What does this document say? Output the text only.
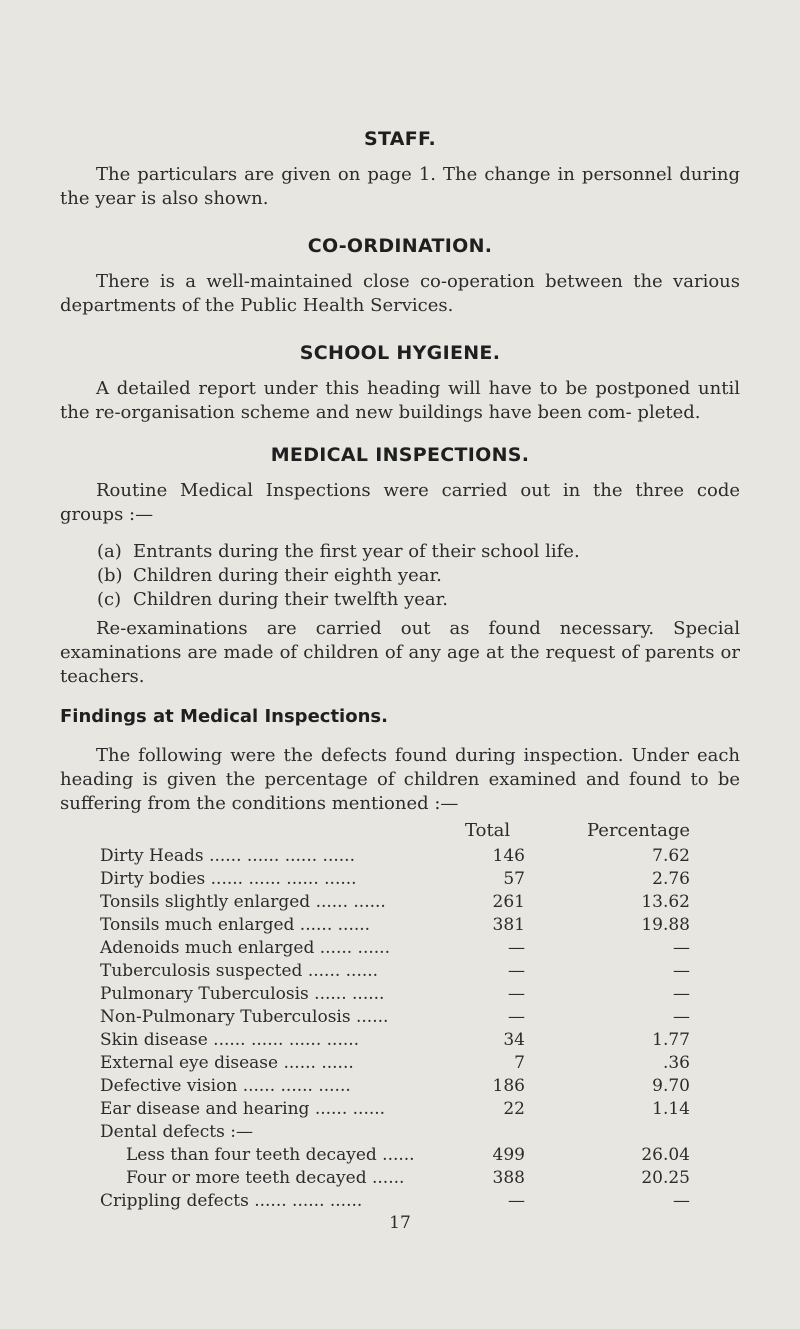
STAFF.
The particulars are given on page 1. The change in personnel during the year is also shown.
CO-ORDINATION.
There is a well-maintained close co-operation between the various departments of the Public Health Services.
SCHOOL HYGIENE.
A detailed report under this heading will have to be postponed until the re-organisation scheme and new buildings have been com- pleted.
MEDICAL INSPECTIONS.
Routine Medical Inspections were carried out in the three code groups :—
(a) Entrants during the first year of their school life.
(b) Children during their eighth year.
(c) Children during their twelfth year.
Re-examinations are carried out as found necessary. Special examinations are made of children of any age at the request of parents or teachers.
Findings at Medical Inspections.
The following were the defects found during inspection. Under each heading is given the percentage of children examined and found to be suffering from the conditions mentioned :—
Total	Percentage
Dirty Heads ...... ...... ...... ......	146	7.62
Dirty bodies ...... ...... ...... ......	57	2.76
Tonsils slightly enlarged ...... ......	261	13.62
Tonsils much enlarged ...... ......	381	19.88
Adenoids much enlarged ...... ......	—	—
Tuberculosis suspected ...... ......	—	—
Pulmonary Tuberculosis ...... ......	—	—
Non-Pulmonary Tuberculosis ......	—	—
Skin disease ...... ...... ...... ......	34	1.77
External eye disease ...... ......	7	.36
Defective vision ...... ...... ......	186	9.70
Ear disease and hearing ...... ......	22	1.14
Dental defects :—
Less than four teeth decayed ......	499	26.04
Four or more teeth decayed ......	388	20.25
Crippling defects ...... ...... ......	—	—
17
